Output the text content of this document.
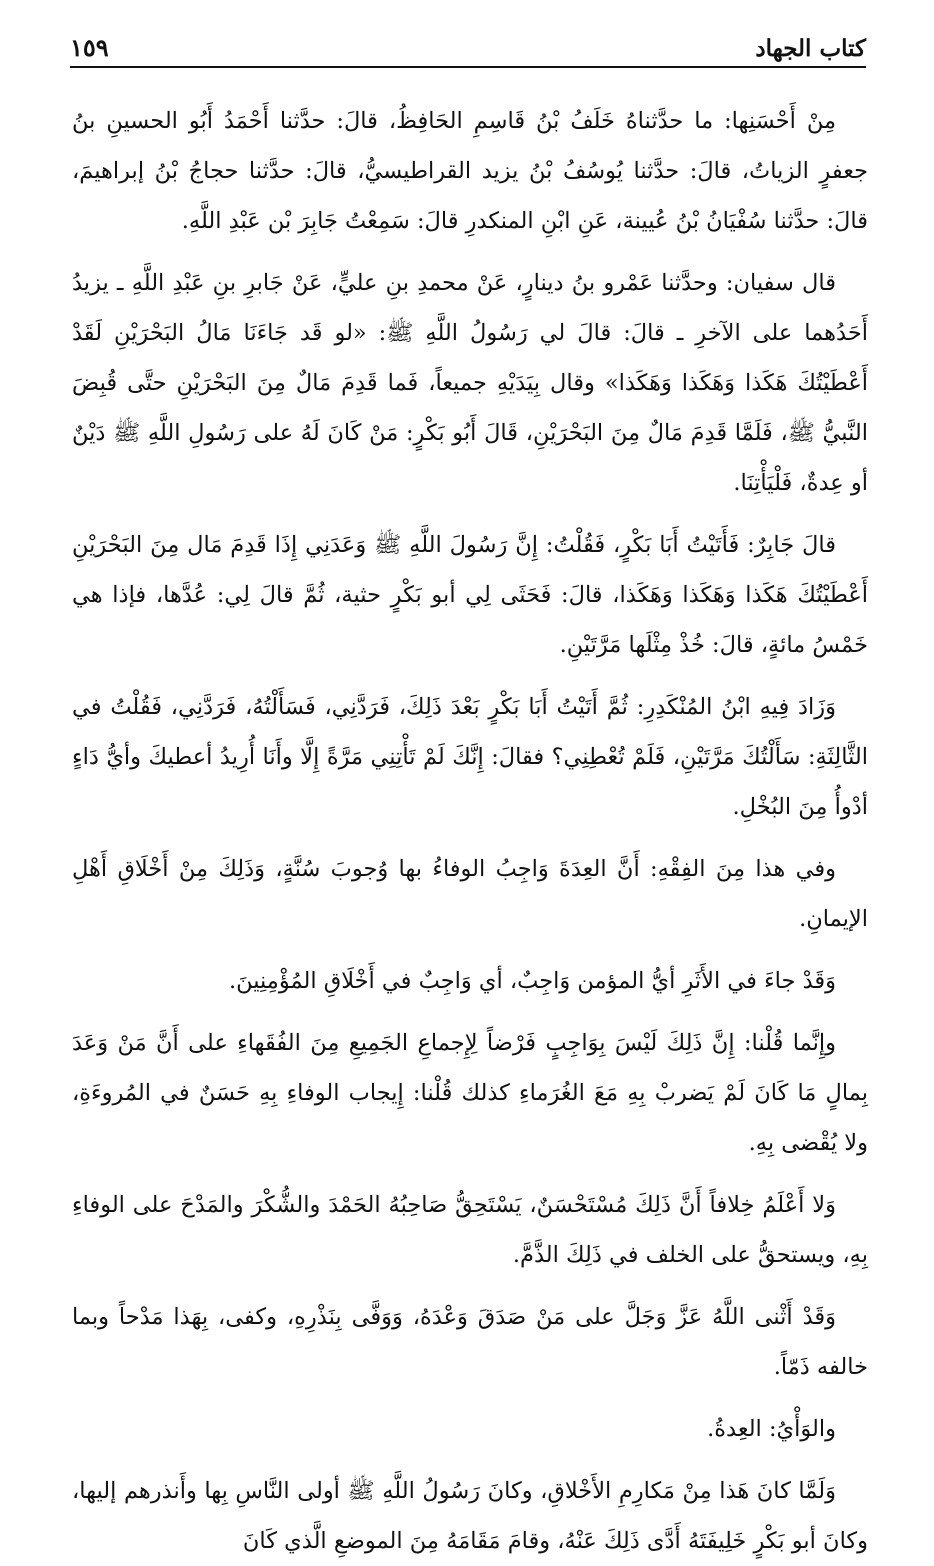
كتاب الجهاد
١٥٩

مِنْ أَحْسَنِها: ما حدَّثناهُ خَلَفُ بْنُ قَاسِمِ الحَافِظُ، قالَ: حدَّثنا أَحْمَدُ أَبُو الحسينِ بنُ جعفرٍ الزياتُ، قالَ: حدَّثنا يُوسُفُ بْنُ يزيد القراطيسيُّ، قالَ: حدَّثنا حجاجُ بْنُ إبراهيمَ، قالَ: حدَّثنا سُفْيَانُ بْنُ عُيينة، عَنِ ابْنِ المنكدرِ قالَ: سَمِعْتُ جَابِرَ بْن عَبْدِ اللَّهِ.

قال سفيان: وحدَّثنا عَمْرو بنُ دينارٍ، عَنْ محمدِ بنِ عليٍّ، عَنْ جَابرِ بنِ عَبْدِ اللَّهِ ـ يزيدُ أَحَدُهما على الآخرِ ـ قالَ: قالَ لي رَسُولُ اللَّهِ ﷺ: «لو قَد جَاءَنَا مَالُ البَحْرَيْنِ لَقَدْ أَعْطَيْتُكَ هَكَذا وَهَكَذا وَهَكَذا» وقال بِيَدَيْهِ جميعاً، فَما قَدِمَ مَالٌ مِنَ البَحْرَيْنِ حتَّى قُبِضَ النَّبيُّ ﷺ، فَلَمَّا قَدِمَ مَالٌ مِنَ البَحْرَيْنِ، قَالَ أَبُو بَكْرٍ: مَنْ كَانَ لَهُ على رَسُولِ اللَّهِ ﷺ دَيْنٌ أو عِدةٌ، فَلْيَأْتِنَا.

قالَ جَابِرٌ: فَأَتَيْتُ أَبَا بَكْرٍ، فَقُلْتُ: إِنَّ رَسُولَ اللَّهِ ﷺ وَعَدَنِي إِذَا قَدِمَ مَال مِنَ البَحْرَيْنِ أَعْطَيْتُكَ هَكَذا وَهَكَذا وَهَكَذا، قالَ: فَحَثَى لِي أبو بَكْرٍ حثية، ثُمَّ قالَ لِي: عُدَّها، فإذا هي خَمْسُ مائةٍ، قالَ: خُذْ مِثْلَها مَرَّتَيْنِ.

وَزَادَ فِيهِ ابْنُ المُنْكَدِرِ: ثُمَّ أَتَيْتُ أَبَا بَكْرٍ بَعْدَ ذَلِكَ، فَرَدَّنِي، فَسَأَلْتُهُ، فَرَدَّنِي، فَقُلْتُ في الثَّالِثَةِ: سَأَلْتُكَ مَرَّتَيْنِ، فَلَمْ تُعْطِنِي؟ فقالَ: إِنَّكَ لَمْ تَأْتِنِي مَرَّةً إِلَّا وأَنَا أُرِيدُ أعطيكَ وأيُّ دَاءٍ أدْوأُ مِنَ البُخْلِ.

وفي هذا مِنَ الفِقْهِ: أَنَّ العِدَةَ وَاجِبُ الوفاءُ بها وُجوبَ سُنَّةٍ، وَذَلِكَ مِنْ أَخْلَاقِ أَهْلِ الإيمانِ.

وَقَدْ جاءَ في الأَثَرِ أيُّ المؤمن وَاجِبٌ، أي وَاجِبٌ في أَخْلَاقِ المُؤْمِنِينَ.

وإِنَّما قُلْنا: إِنَّ ذَلِكَ لَيْسَ بِوَاجِبٍ فَرْضاً لِإِجماعِ الجَمِيعِ مِنَ الفُقَهاءِ على أَنَّ مَنْ وَعَدَ بِمالٍ مَا كَانَ لَمْ يَضربْ بِهِ مَعَ الغُرَماءِ كذلك قُلْنا: إِيجاب الوفاءِ بِهِ حَسَنٌ في المُروءَةِ، ولا يُقْضى بِهِ.

وَلا أَعْلَمُ خِلافاً أَنَّ ذَلِكَ مُسْتَحْسَنٌ، يَسْتَحِقُّ صَاحِبُهُ الحَمْدَ والشُّكْرَ والمَدْحَ على الوفاءِ بِهِ، ويستحقُّ على الخلف في ذَلِكَ الذَّمَّ.

وَقَدْ أَثْنى اللَّهُ عَزَّ وَجَلَّ على مَنْ صَدَقَ وَعْدَهُ، وَوَفَّى بِنَذْرِهِ، وكفى، بِهَذا مَدْحاً وبما خالفه ذَمّاً.

والوَأْيُ: العِدةُ.

وَلَمَّا كانَ هَذا مِنْ مَكارِمِ الأَخْلاقِ، وكانَ رَسُولُ اللَّهِ ﷺ أولى النَّاسِ بِها وأَنذرهم إليها، وكانَ أبو بَكْرٍ خَلِيفَتَهُ أَدَّى ذَلِكَ عَنْهُ، وقامَ مَقَامَهُ مِنَ الموضعِ الَّذي كَانَ
